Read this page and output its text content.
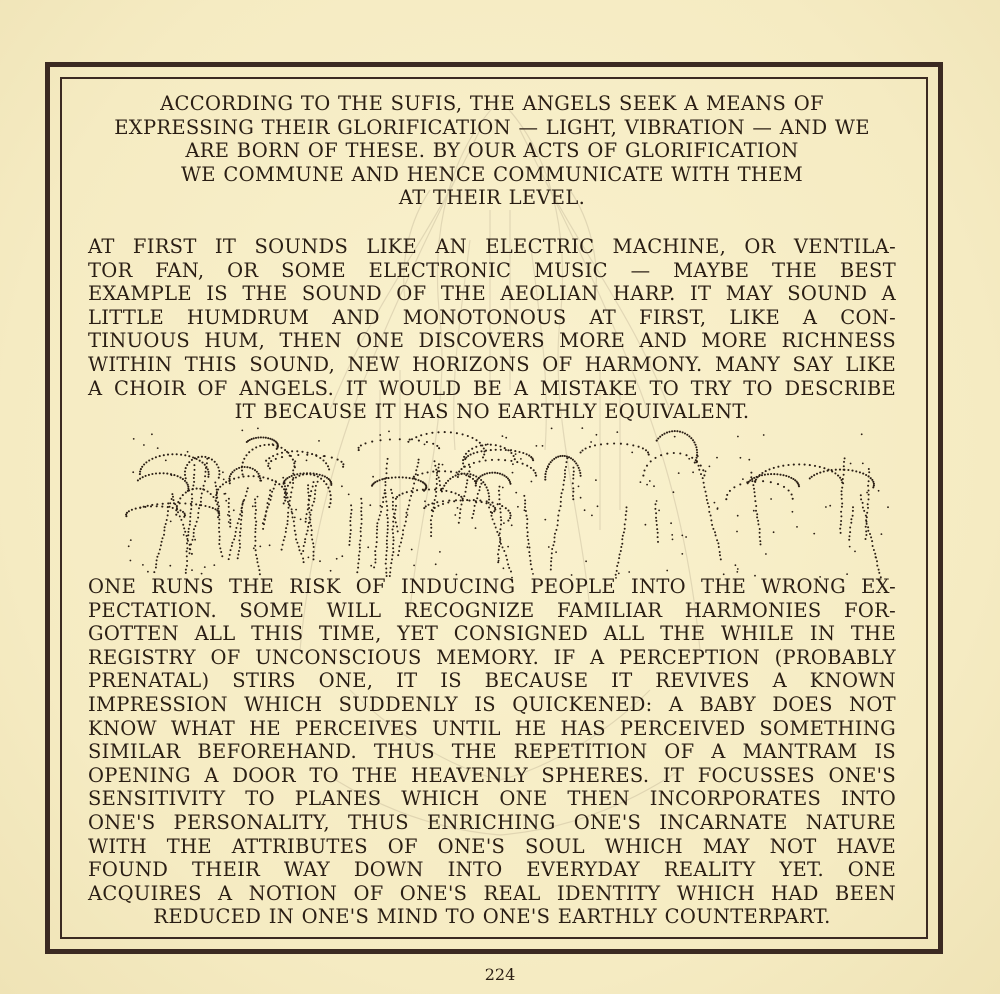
ACCORDING TO THE SUFIS, THE ANGELS SEEK A MEANS OF
EXPRESSING THEIR GLORIFICATION — LIGHT, VIBRATION — AND WE
ARE BORN OF THESE. BY OUR ACTS OF GLORIFICATION
WE COMMUNE AND HENCE COMMUNICATE WITH THEM
AT THEIR LEVEL.
AT FIRST IT SOUNDS LIKE AN ELECTRIC MACHINE, OR VENTILA-
TOR FAN, OR SOME ELECTRONIC MUSIC — MAYBE THE BEST
EXAMPLE IS THE SOUND OF THE AEOLIAN HARP. IT MAY SOUND A
LITTLE HUMDRUM AND MONOTONOUS AT FIRST, LIKE A CON-
TINUOUS HUM, THEN ONE DISCOVERS MORE AND MORE RICHNESS
WITHIN THIS SOUND, NEW HORIZONS OF HARMONY. MANY SAY LIKE
A CHOIR OF ANGELS. IT WOULD BE A MISTAKE TO TRY TO DESCRIBE
IT BECAUSE IT HAS NO EARTHLY EQUIVALENT.
ONE RUNS THE RISK OF INDUCING PEOPLE INTO THE WRONG EX-
PECTATION. SOME WILL RECOGNIZE FAMILIAR HARMONIES FOR-
GOTTEN ALL THIS TIME, YET CONSIGNED ALL THE WHILE IN THE
REGISTRY OF UNCONSCIOUS MEMORY. IF A PERCEPTION (PROBABLY
PRENATAL) STIRS ONE, IT IS BECAUSE IT REVIVES A KNOWN
IMPRESSION WHICH SUDDENLY IS QUICKENED: A BABY DOES NOT
KNOW WHAT HE PERCEIVES UNTIL HE HAS PERCEIVED SOMETHING
SIMILAR BEFOREHAND. THUS THE REPETITION OF A MANTRAM IS
OPENING A DOOR TO THE HEAVENLY SPHERES. IT FOCUSSES ONE'S
SENSITIVITY TO PLANES WHICH ONE THEN INCORPORATES INTO
ONE'S PERSONALITY, THUS ENRICHING ONE'S INCARNATE NATURE
WITH THE ATTRIBUTES OF ONE'S SOUL WHICH MAY NOT HAVE
FOUND THEIR WAY DOWN INTO EVERYDAY REALITY YET. ONE
ACQUIRES A NOTION OF ONE'S REAL IDENTITY WHICH HAD BEEN
REDUCED IN ONE'S MIND TO ONE'S EARTHLY COUNTERPART.
224
